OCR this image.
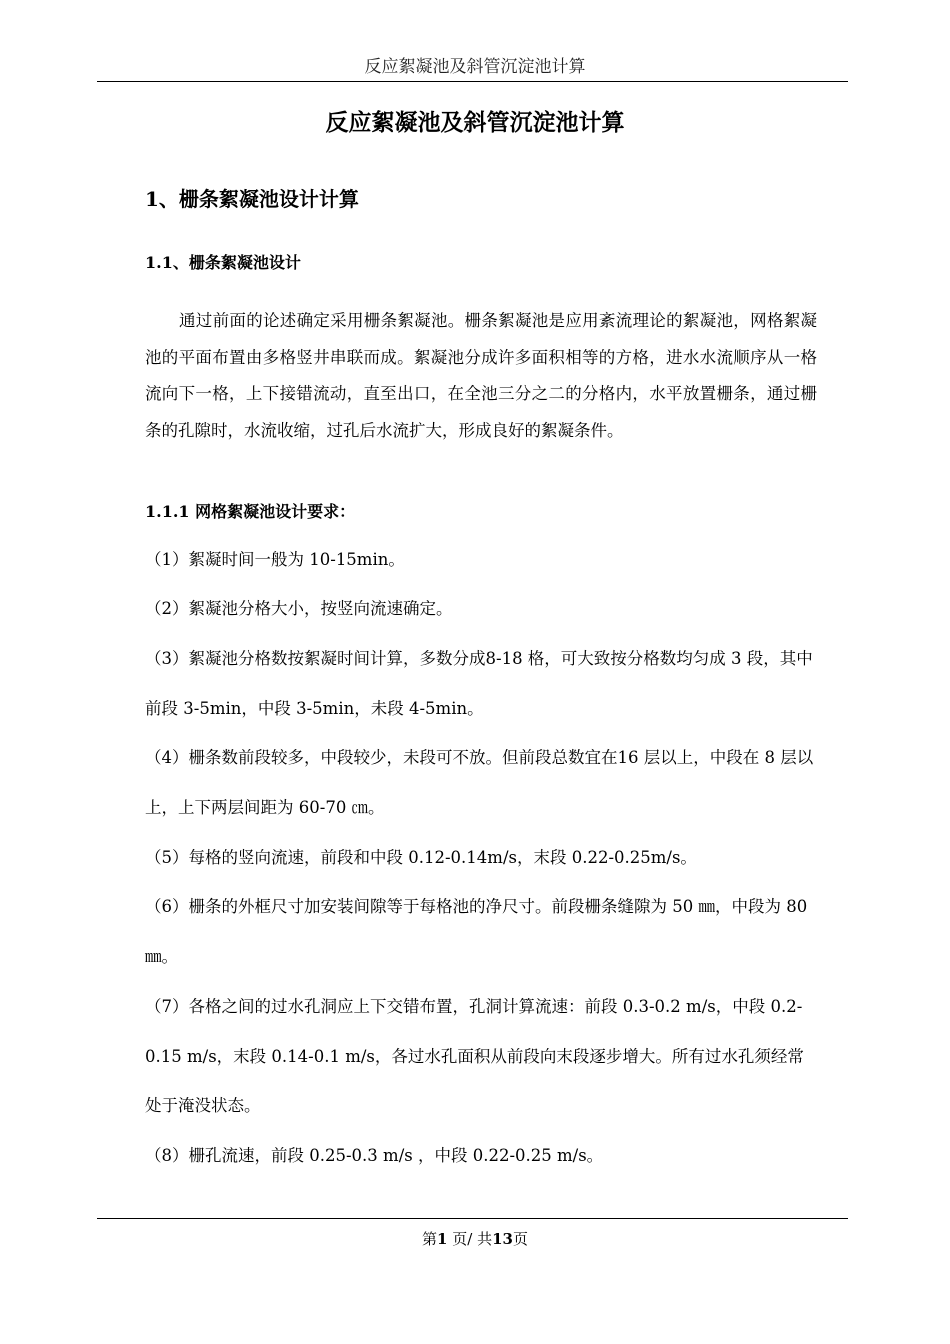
反应絮凝池及斜管沉淀池计算
反应絮凝池及斜管沉淀池计算
1、栅条絮凝池设计计算
1.1、栅条絮凝池设计

通过前面的论述确定采用栅条絮凝池。栅条絮凝池是应用紊流理论的絮凝池，网格絮凝池的平面布置由多格竖井串联而成。絮凝池分成许多面积相等的方格，进水水流顺序从一格流向下一格，上下接错流动，直至出口，在全池三分之二的分格内，水平放置栅条，通过栅条的孔隙时，水流收缩，过孔后水流扩大，形成良好的絮凝条件。

1.1.1 网格絮凝池设计要求：

（1）絮凝时间一般为 10-15min。

（2）絮凝池分格大小，按竖向流速确定。

（3）絮凝池分格数按絮凝时间计算，多数分成8-18 格，可大致按分格数均匀成 3 段，其中前段 3-5min，中段 3-5min，未段 4-5min。

（4）栅条数前段较多，中段较少，未段可不放。但前段总数宜在16 层以上，中段在 8 层以上，上下两层间距为 60-70 ㎝。

（5）每格的竖向流速，前段和中段 0.12-0.14m/s，末段 0.22-0.25m/s。

（6）栅条的外框尺寸加安装间隙等于每格池的净尺寸。前段栅条缝隙为 50 ㎜，中段为 80 ㎜。

（7）各格之间的过水孔洞应上下交错布置，孔洞计算流速：前段 0.3-0.2 m/s，中段 0.2-0.15 m/s，末段 0.14-0.1 m/s，各过水孔面积从前段向末段逐步增大。所有过水孔须经常处于淹没状态。

（8）栅孔流速，前段 0.25-0.3 m/s ，中段 0.22-0.25 m/s。

第1 页/ 共13页
